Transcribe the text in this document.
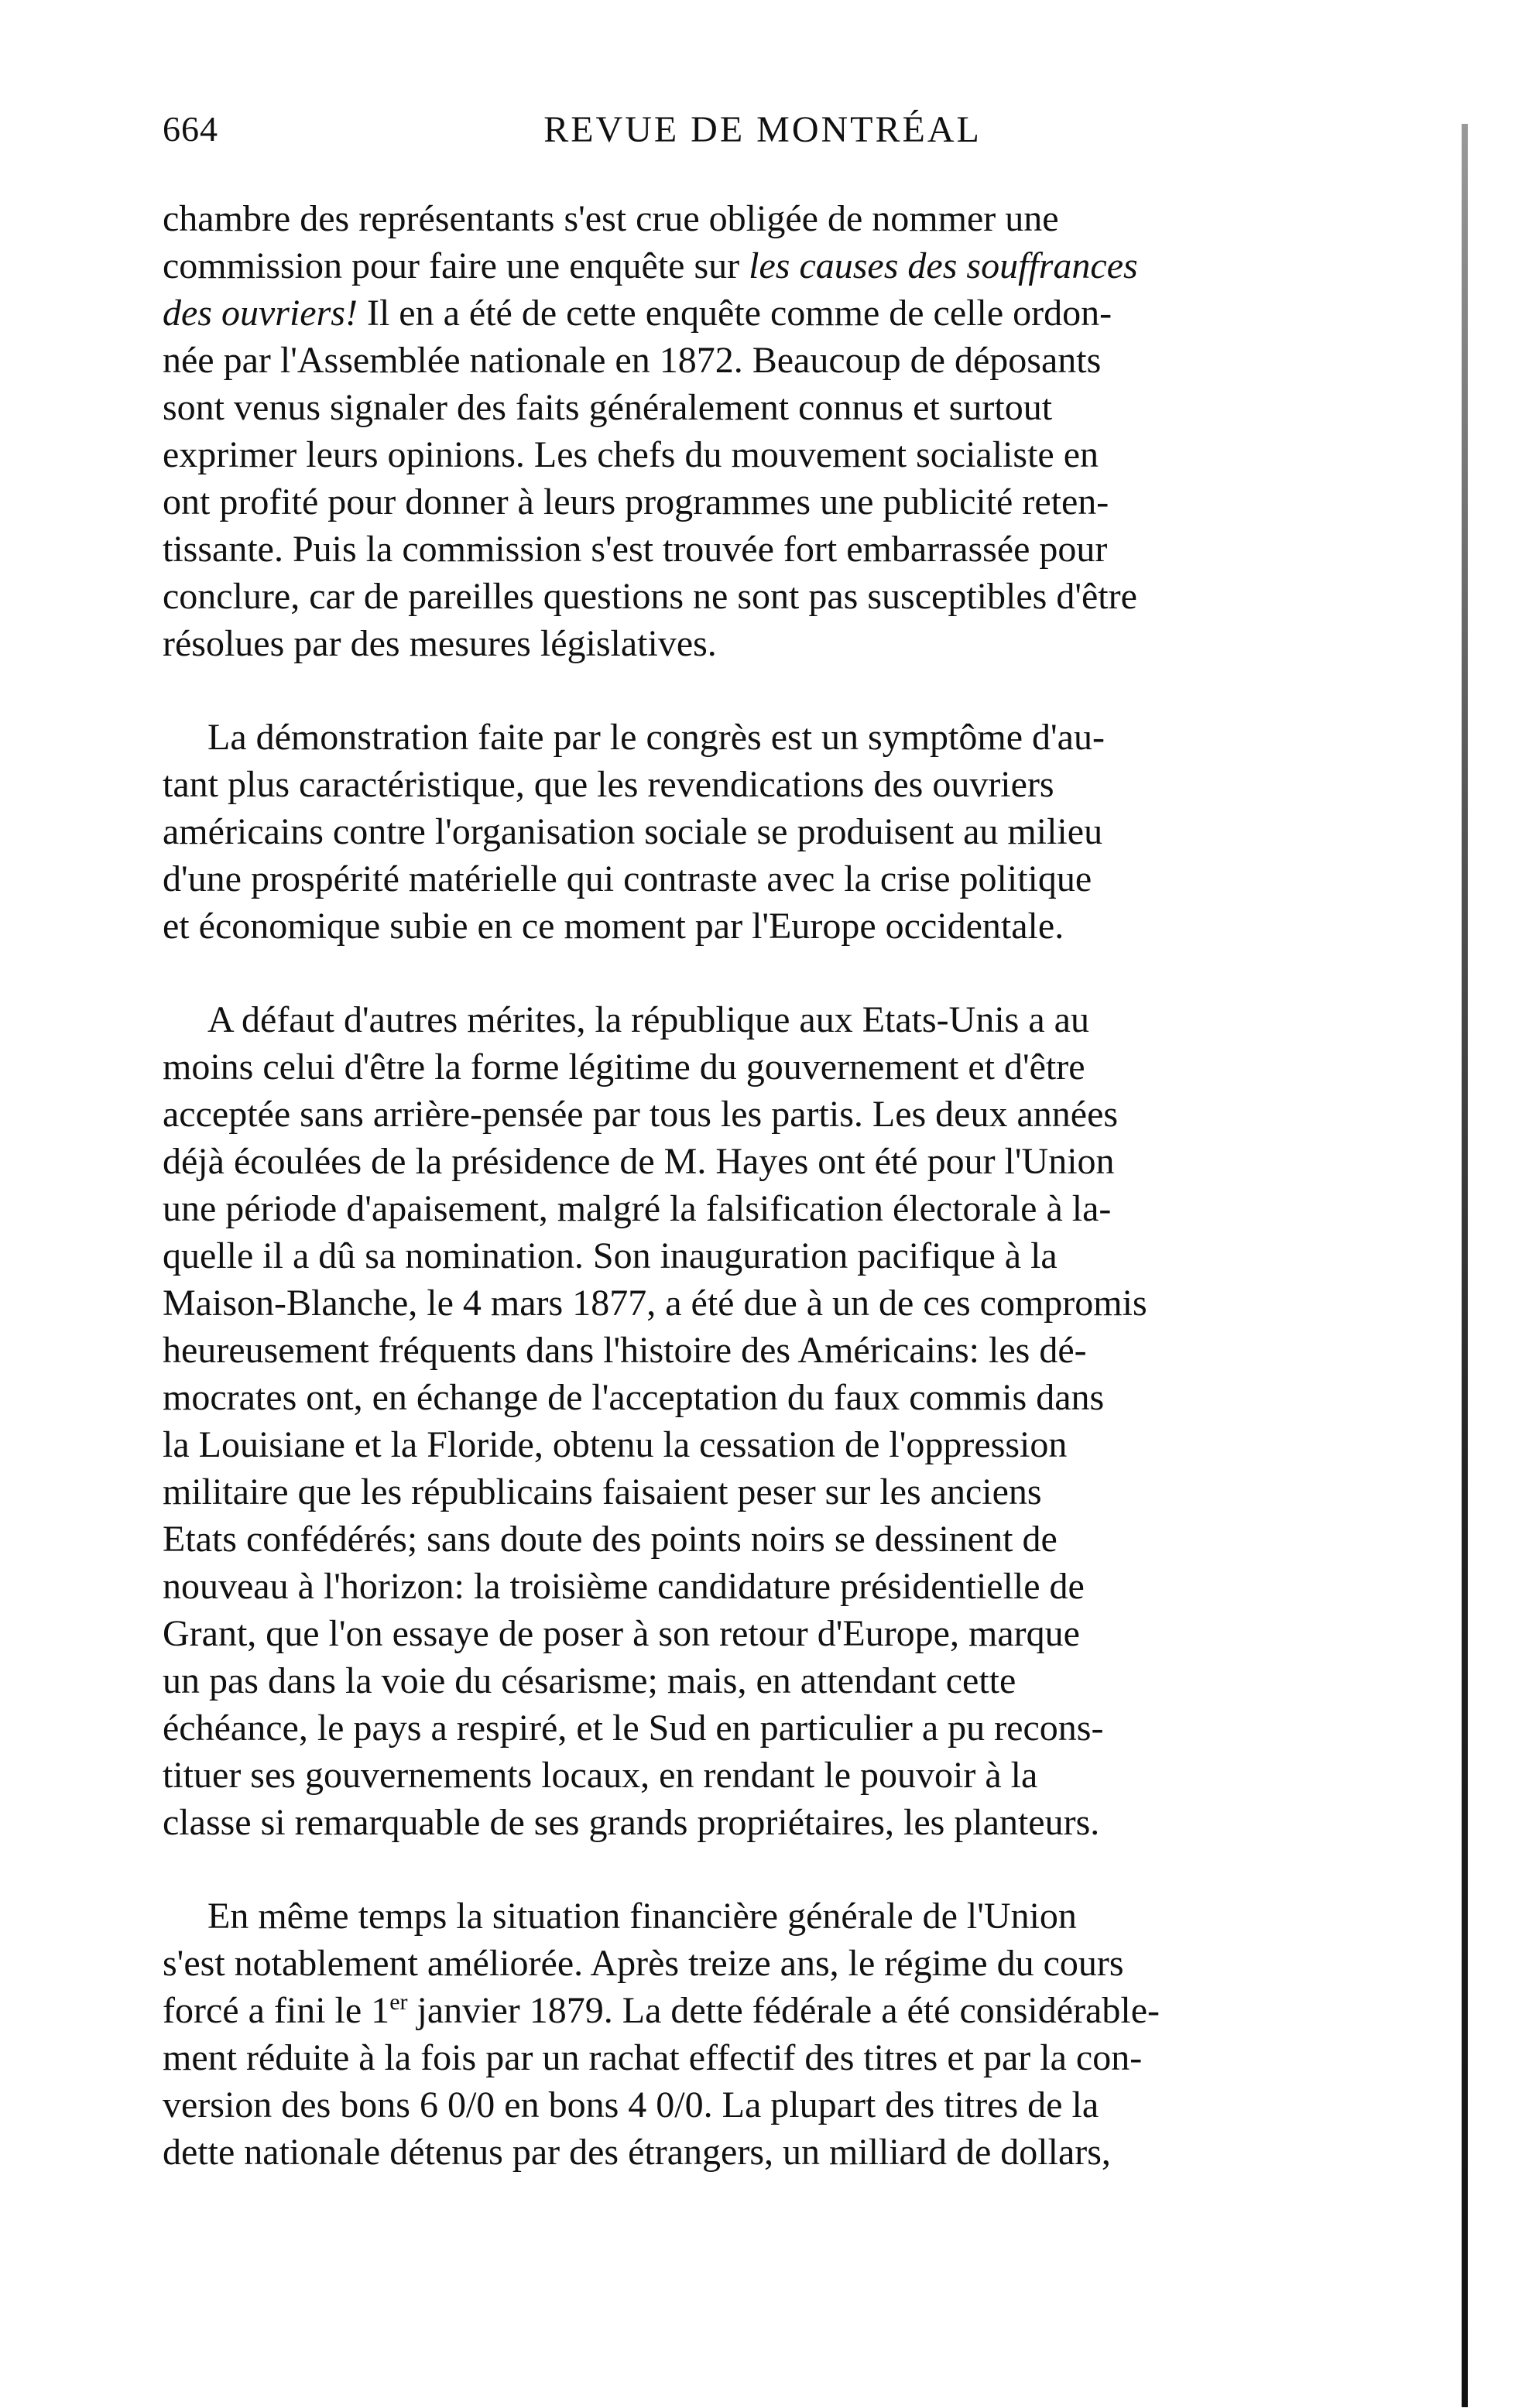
664	REVUE DE MONTRÉAL

chambre des représentants s'est crue obligée de nommer une
commission pour faire une enquête sur les causes des souffrances
des ouvriers! Il en a été de cette enquête comme de celle ordon-
née par l'Assemblée nationale en 1872. Beaucoup de déposants
sont venus signaler des faits généralement connus et surtout
exprimer leurs opinions. Les chefs du mouvement socialiste en
ont profité pour donner à leurs programmes une publicité reten-
tissante. Puis la commission s'est trouvée fort embarrassée pour
conclure, car de pareilles questions ne sont pas susceptibles d'être
résolues par des mesures législatives.

La démonstration faite par le congrès est un symptôme d'au-
tant plus caractéristique, que les revendications des ouvriers
américains contre l'organisation sociale se produisent au milieu
d'une prospérité matérielle qui contraste avec la crise politique
et économique subie en ce moment par l'Europe occidentale.

A défaut d'autres mérites, la république aux Etats-Unis a au
moins celui d'être la forme légitime du gouvernement et d'être
acceptée sans arrière-pensée par tous les partis. Les deux années
déjà écoulées de la présidence de M. Hayes ont été pour l'Union
une période d'apaisement, malgré la falsification électorale à la-
quelle il a dû sa nomination. Son inauguration pacifique à la
Maison-Blanche, le 4 mars 1877, a été due à un de ces compromis
heureusement fréquents dans l'histoire des Américains: les dé-
mocrates ont, en échange de l'acceptation du faux commis dans
la Louisiane et la Floride, obtenu la cessation de l'oppression
militaire que les républicains faisaient peser sur les anciens
Etats confédérés; sans doute des points noirs se dessinent de
nouveau à l'horizon: la troisième candidature présidentielle de
Grant, que l'on essaye de poser à son retour d'Europe, marque
un pas dans la voie du césarisme; mais, en attendant cette
échéance, le pays a respiré, et le Sud en particulier a pu recons-
tituer ses gouvernements locaux, en rendant le pouvoir à la
classe si remarquable de ses grands propriétaires, les planteurs.

En même temps la situation financière générale de l'Union
s'est notablement améliorée. Après treize ans, le régime du cours
forcé a fini le 1er janvier 1879. La dette fédérale a été considérable-
ment réduite à la fois par un rachat effectif des titres et par la con-
version des bons 6 0/0 en bons 4 0/0. La plupart des titres de la
dette nationale détenus par des étrangers, un milliard de dollars,
